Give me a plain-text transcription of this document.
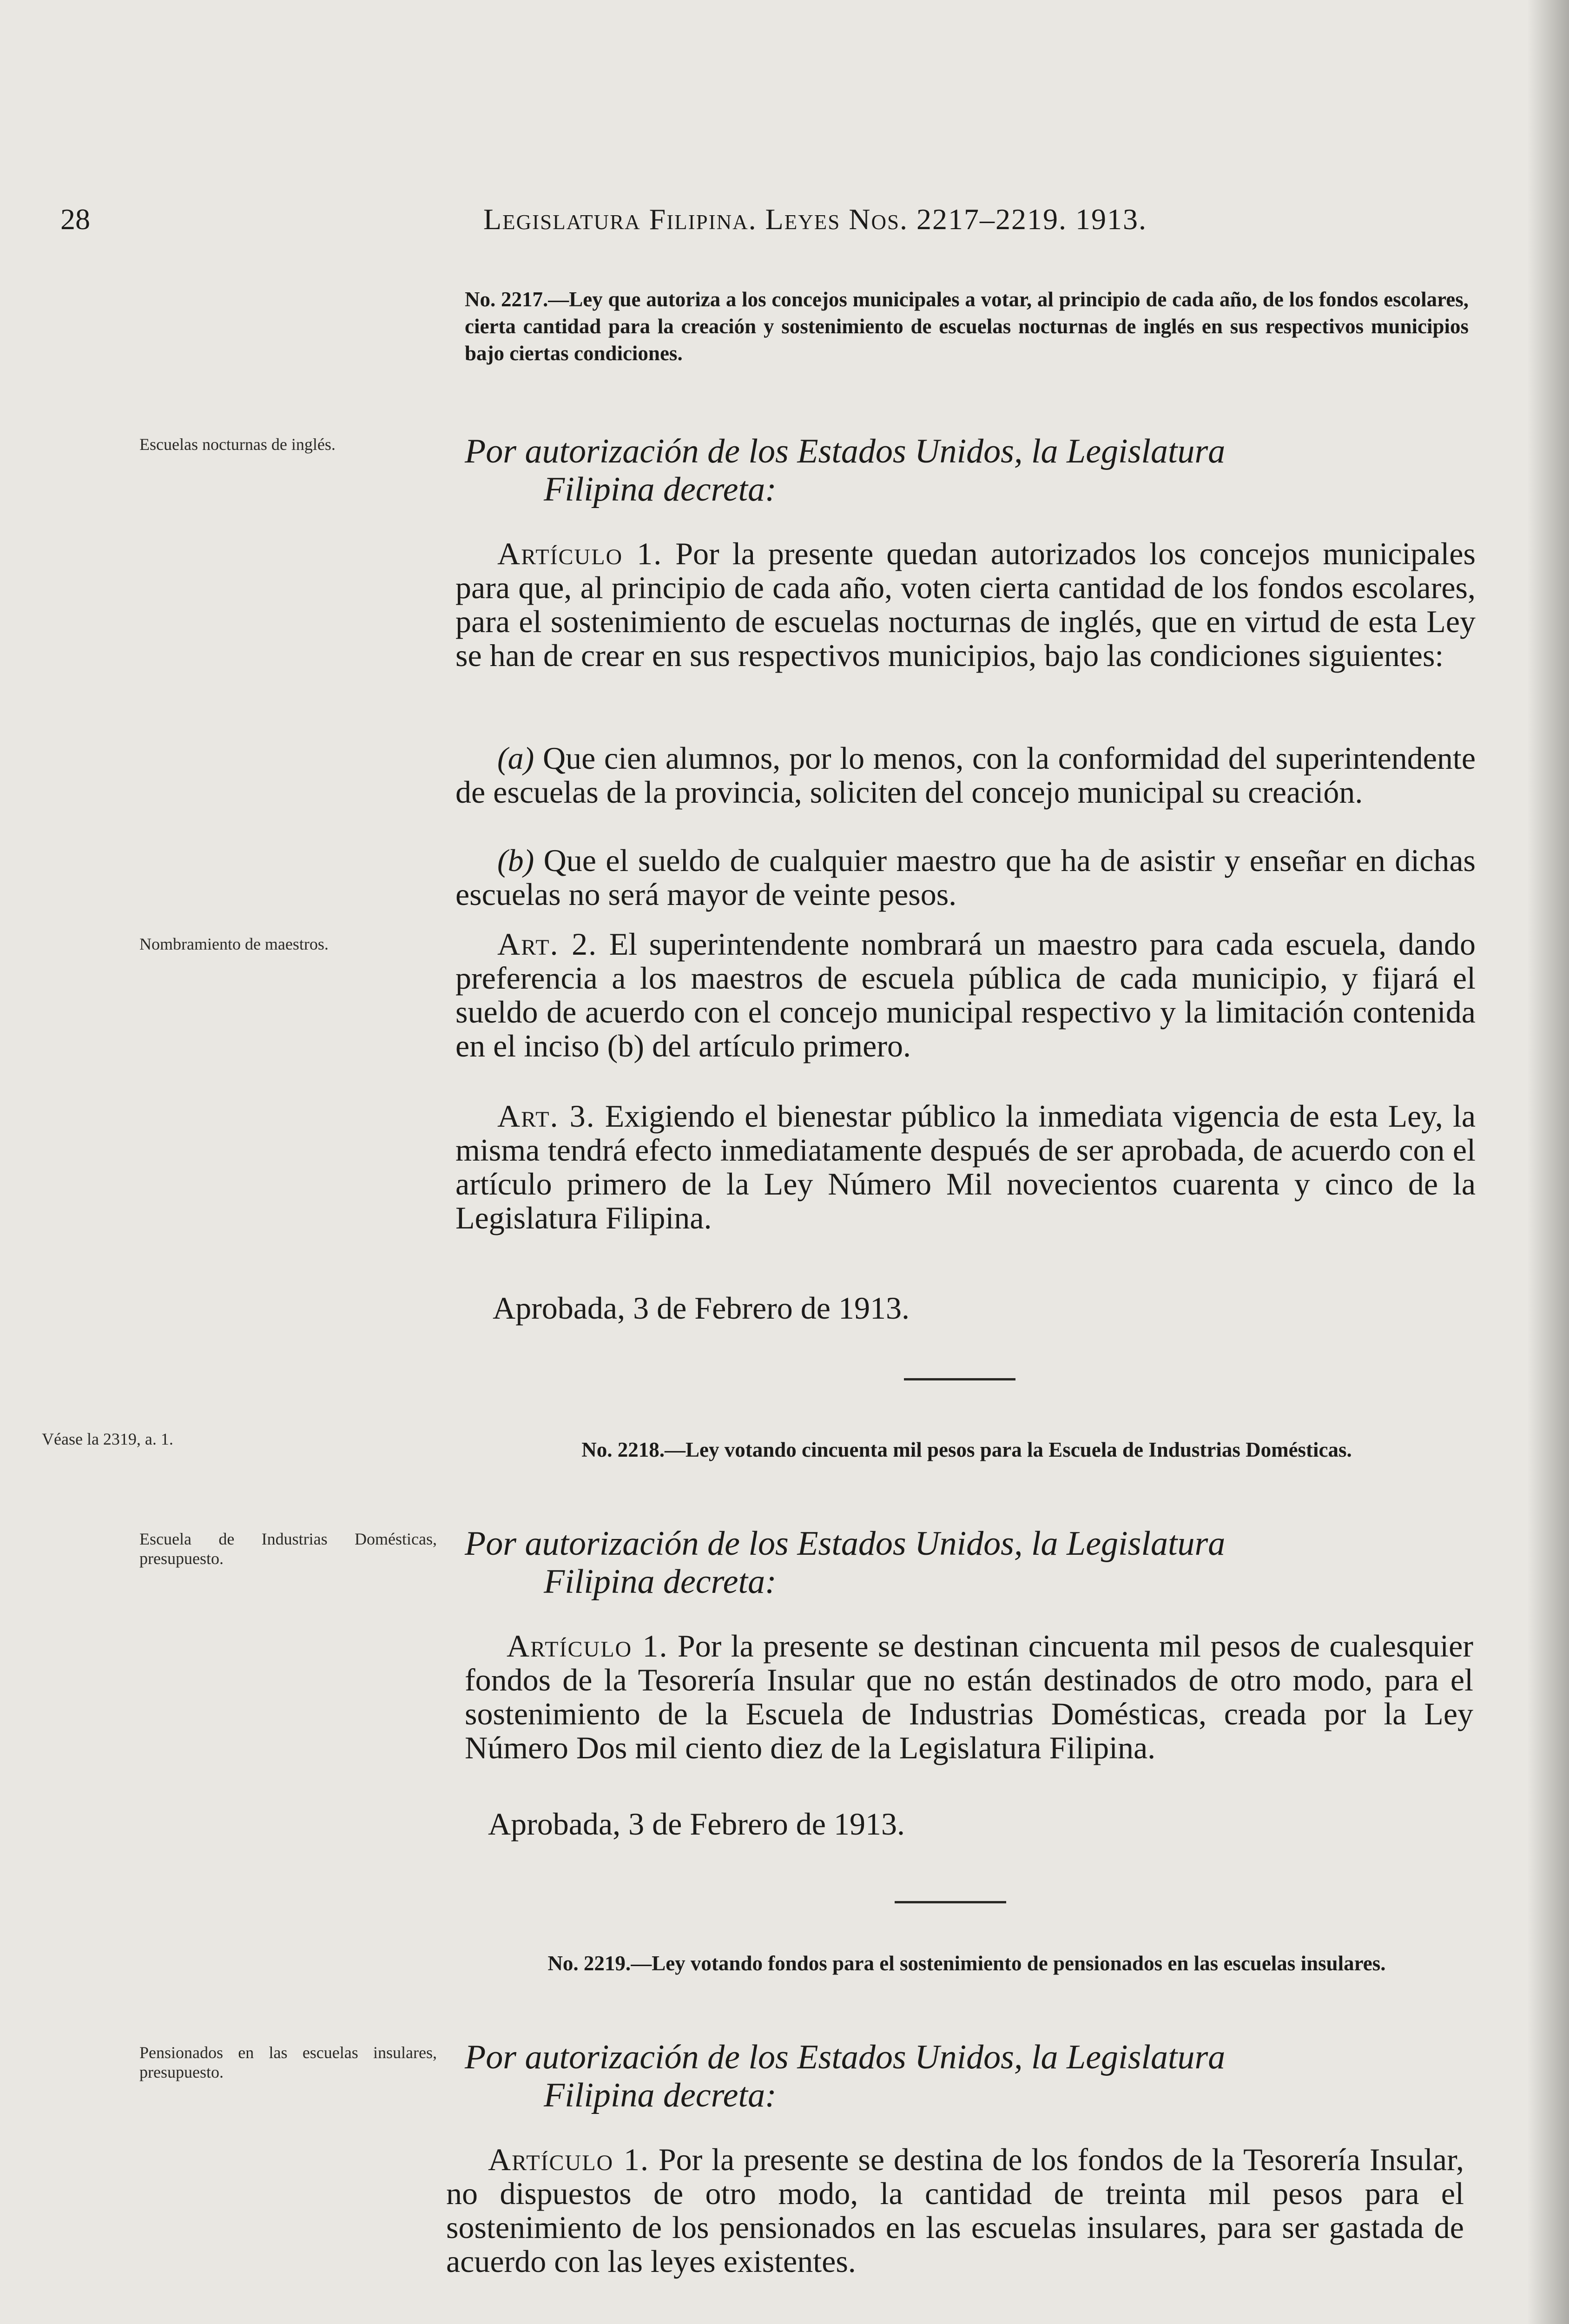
28	Legislatura Filipina. Leyes Nos. 2217–2219. 1913.
No. 2217.—Ley que autoriza a los concejos municipales a votar, al principio de cada año, de los fondos escolares, cierta cantidad para la creación y sostenimiento de escuelas nocturnas de inglés en sus respectivos municipios bajo ciertas condiciones.
Escuelas nocturnas de inglés.	Por autorización de los Estados Unidos, la Legislatura
Filipina decreta:
Artículo 1. Por la presente quedan autorizados los concejos municipales para que, al principio de cada año, voten cierta cantidad de los fondos escolares, para el sostenimiento de escuelas nocturnas de inglés, que en virtud de esta Ley se han de crear en sus respectivos municipios, bajo las condiciones siguientes:
(a) Que cien alumnos, por lo menos, con la conformidad del superintendente de escuelas de la provincia, soliciten del concejo municipal su creación.
(b) Que el sueldo de cualquier maestro que ha de asistir y enseñar en dichas escuelas no será mayor de veinte pesos.
Nombramiento de maestros.	Art. 2. El superintendente nombrará un maestro para cada escuela, dando preferencia a los maestros de escuela pública de cada municipio, y fijará el sueldo de acuerdo con el concejo municipal respectivo y la limitación contenida en el inciso (b) del artículo primero.
Art. 3. Exigiendo el bienestar público la inmediata vigencia de esta Ley, la misma tendrá efecto inmediatamente después de ser aprobada, de acuerdo con el artículo primero de la Ley Número Mil novecientos cuarenta y cinco de la Legislatura Filipina.
Aprobada, 3 de Febrero de 1913.
Véase la 2319, a. 1.	No. 2218.—Ley votando cincuenta mil pesos para la Escuela de Industrias Domésticas.
Escuela de Industrias Domésticas, presupuesto.	Por autorización de los Estados Unidos, la Legislatura
Filipina decreta:
Artículo 1. Por la presente se destinan cincuenta mil pesos de cualesquier fondos de la Tesorería Insular que no están destinados de otro modo, para el sostenimiento de la Escuela de Industrias Domésticas, creada por la Ley Número Dos mil ciento diez de la Legislatura Filipina.
Aprobada, 3 de Febrero de 1913.
No. 2219.—Ley votando fondos para el sostenimiento de pensionados en las escuelas insulares.
Pensionados en las escuelas insulares, presupuesto.	Por autorización de los Estados Unidos, la Legislatura
Filipina decreta:
Artículo 1. Por la presente se destina de los fondos de la Tesorería Insular, no dispuestos de otro modo, la cantidad de treinta mil pesos para el sostenimiento de los pensionados en las escuelas insulares, para ser gastada de acuerdo con las leyes existentes.
